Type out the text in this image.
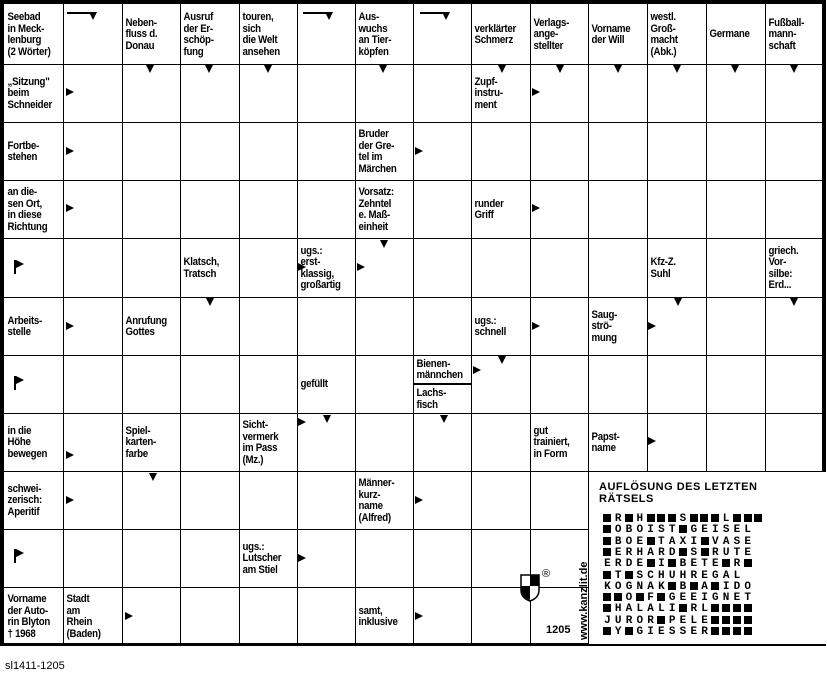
Seebad
in Meck-
lenburg
(2 Wörter)
Neben-
fluss d.
Donau
Ausruf
der Er-
schöp-
fung
touren,
sich
die Welt
ansehen
Aus-
wuchs
an Tier-
köpfen
verklärter
Schmerz
Verlags-
ange-
stellter
Vorname
der Will
westl.
Groß-
macht
(Abk.)
Germane
Fußball-
mann-
schaft
„Sitzung"
beim
Schneider
Zupf-
instru-
ment
Fortbe-
stehen
Bruder
der Gre-
tel im
Märchen
an die-
sen Ort,
in diese
Richtung
Vorsatz:
Zehntel
e. Maß-
einheit
runder
Griff
Klatsch,
Tratsch
ugs.:
erst-
klassig,
großartig
Kfz-Z.
Suhl
griech.
Vor-
silbe:
Erd...
Arbeits-
stelle
Anrufung
Gottes
ugs.:
schnell
Saug-
strö-
mung
Bienen-
männchen
gefüllt
Lachs-
fisch
in die
Höhe
bewegen
Spiel-
karten-
farbe
Sicht-
vermerk
im Pass
(Mz.)
gut
trainiert,
in Form
Papst-
name
schwei-
zerisch:
Aperitif
Männer-
kurz-
name
(Alfred)
ugs.:
Lutscher
am Stiel
Vorname
der Auto-
rin Blyton
† 1968
Stadt
am
Rhein
(Baden)
samt,
inklusive
AUFLÖSUNG DES LETZTEN
RÄTSELS
R H	S	L
O B O I S T G E I S E L
B O E T A X I V A S E
E R H A R D S R U T E
E R D E I B E T E R
T S C H U H R E G A L
K O G N A K B A I D O
O F G E E I G N E T
H A L A L I R L
J U R O R P E L E
Y G I E S S E R
www.kanzlit.de
1205
®
sl1411-1205
